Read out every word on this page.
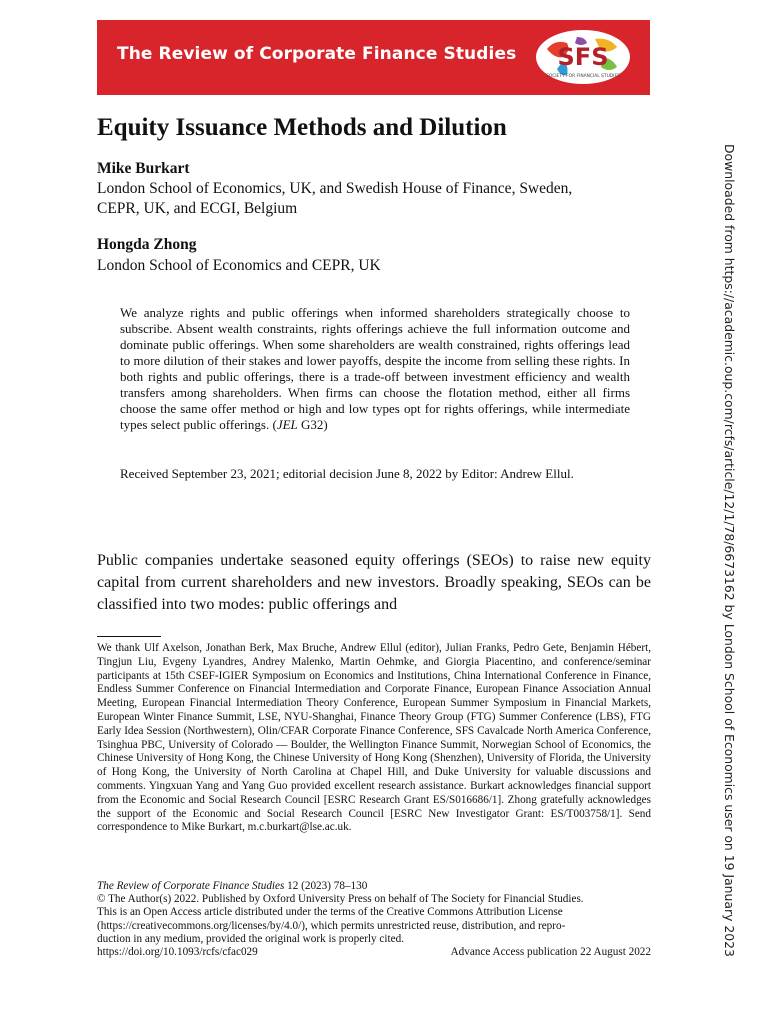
The Review of Corporate Finance Studies SFS
SOCIETY FOR FINANCIAL STUDIES
Equity Issuance Methods and Dilution

Mike Burkart

London School of Economics, UK, and Swedish House of Finance, Sweden, CEPR, UK, and ECGI, Belgium

Hongda Zhong

London School of Economics and CEPR, UK

We analyze rights and public offerings when informed shareholders strategically choose to subscribe. Absent wealth constraints, rights offerings achieve the full information outcome and dominate public offerings. When some shareholders are wealth constrained, rights offerings lead to more dilution of their stakes and lower payoffs, despite the income from selling these rights. In both rights and public offerings, there is a trade-off between investment efficiency and wealth transfers among shareholders. When firms can choose the flotation method, either all firms choose the same offer method or high and low types opt for rights offerings, while intermediate types select public offerings. (JEL G32)

Received September 23, 2021; editorial decision June 8, 2022 by Editor: Andrew Ellul.

Public companies undertake seasoned equity offerings (SEOs) to raise new equity capital from current shareholders and new investors. Broadly speaking, SEOs can be classified into two modes: public offerings and

We thank Ulf Axelson, Jonathan Berk, Max Bruche, Andrew Ellul (editor), Julian Franks, Pedro Gete, Benjamin Hébert, Tingjun Liu, Evgeny Lyandres, Andrey Malenko, Martin Oehmke, and Giorgia Piacentino, and conference/seminar participants at 15th CSEF-IGIER Symposium on Economics and Institutions, China International Conference in Finance, Endless Summer Conference on Financial Intermediation and Corporate Finance, European Finance Association Annual Meeting, European Financial Intermediation Theory Conference, European Summer Symposium in Financial Markets, European Winter Finance Summit, LSE, NYU-Shanghai, Finance Theory Group (FTG) Summer Conference (LBS), FTG Early Idea Session (Northwestern), Olin/CFAR Corporate Finance Conference, SFS Cavalcade North America Conference, Tsinghua PBC, University of Colorado — Boulder, the Wellington Finance Summit, Norwegian School of Economics, the Chinese University of Hong Kong, the Chinese University of Hong Kong (Shenzhen), University of Florida, the University of Hong Kong, the University of North Carolina at Chapel Hill, and Duke University for valuable discussions and comments. Yingxuan Yang and Yang Guo provided excellent research assistance. Burkart acknowledges financial support from the Economic and Social Research Council [ESRC Research Grant ES/S016686/1]. Zhong gratefully acknowledges the support of the Economic and Social Research Council [ESRC New Investigator Grant: ES/T003758/1]. Send correspondence to Mike Burkart, m.c.burkart@lse.ac.uk.

The Review of Corporate Finance Studies 12 (2023) 78–130
© The Author(s) 2022. Published by Oxford University Press on behalf of The Society for Financial Studies.
This is an Open Access article distributed under the terms of the Creative Commons Attribution License
(https://creativecommons.org/licenses/by/4.0/), which permits unrestricted reuse, distribution, and repro-
duction in any medium, provided the original work is properly cited.
https://doi.org/10.1093/rcfs/cfac029	Advance Access publication 22 August 2022	Downloaded from https://academic.oup.com/rcfs/article/12/1/78/6673162 by London School of Economics user on 19 January 2023
